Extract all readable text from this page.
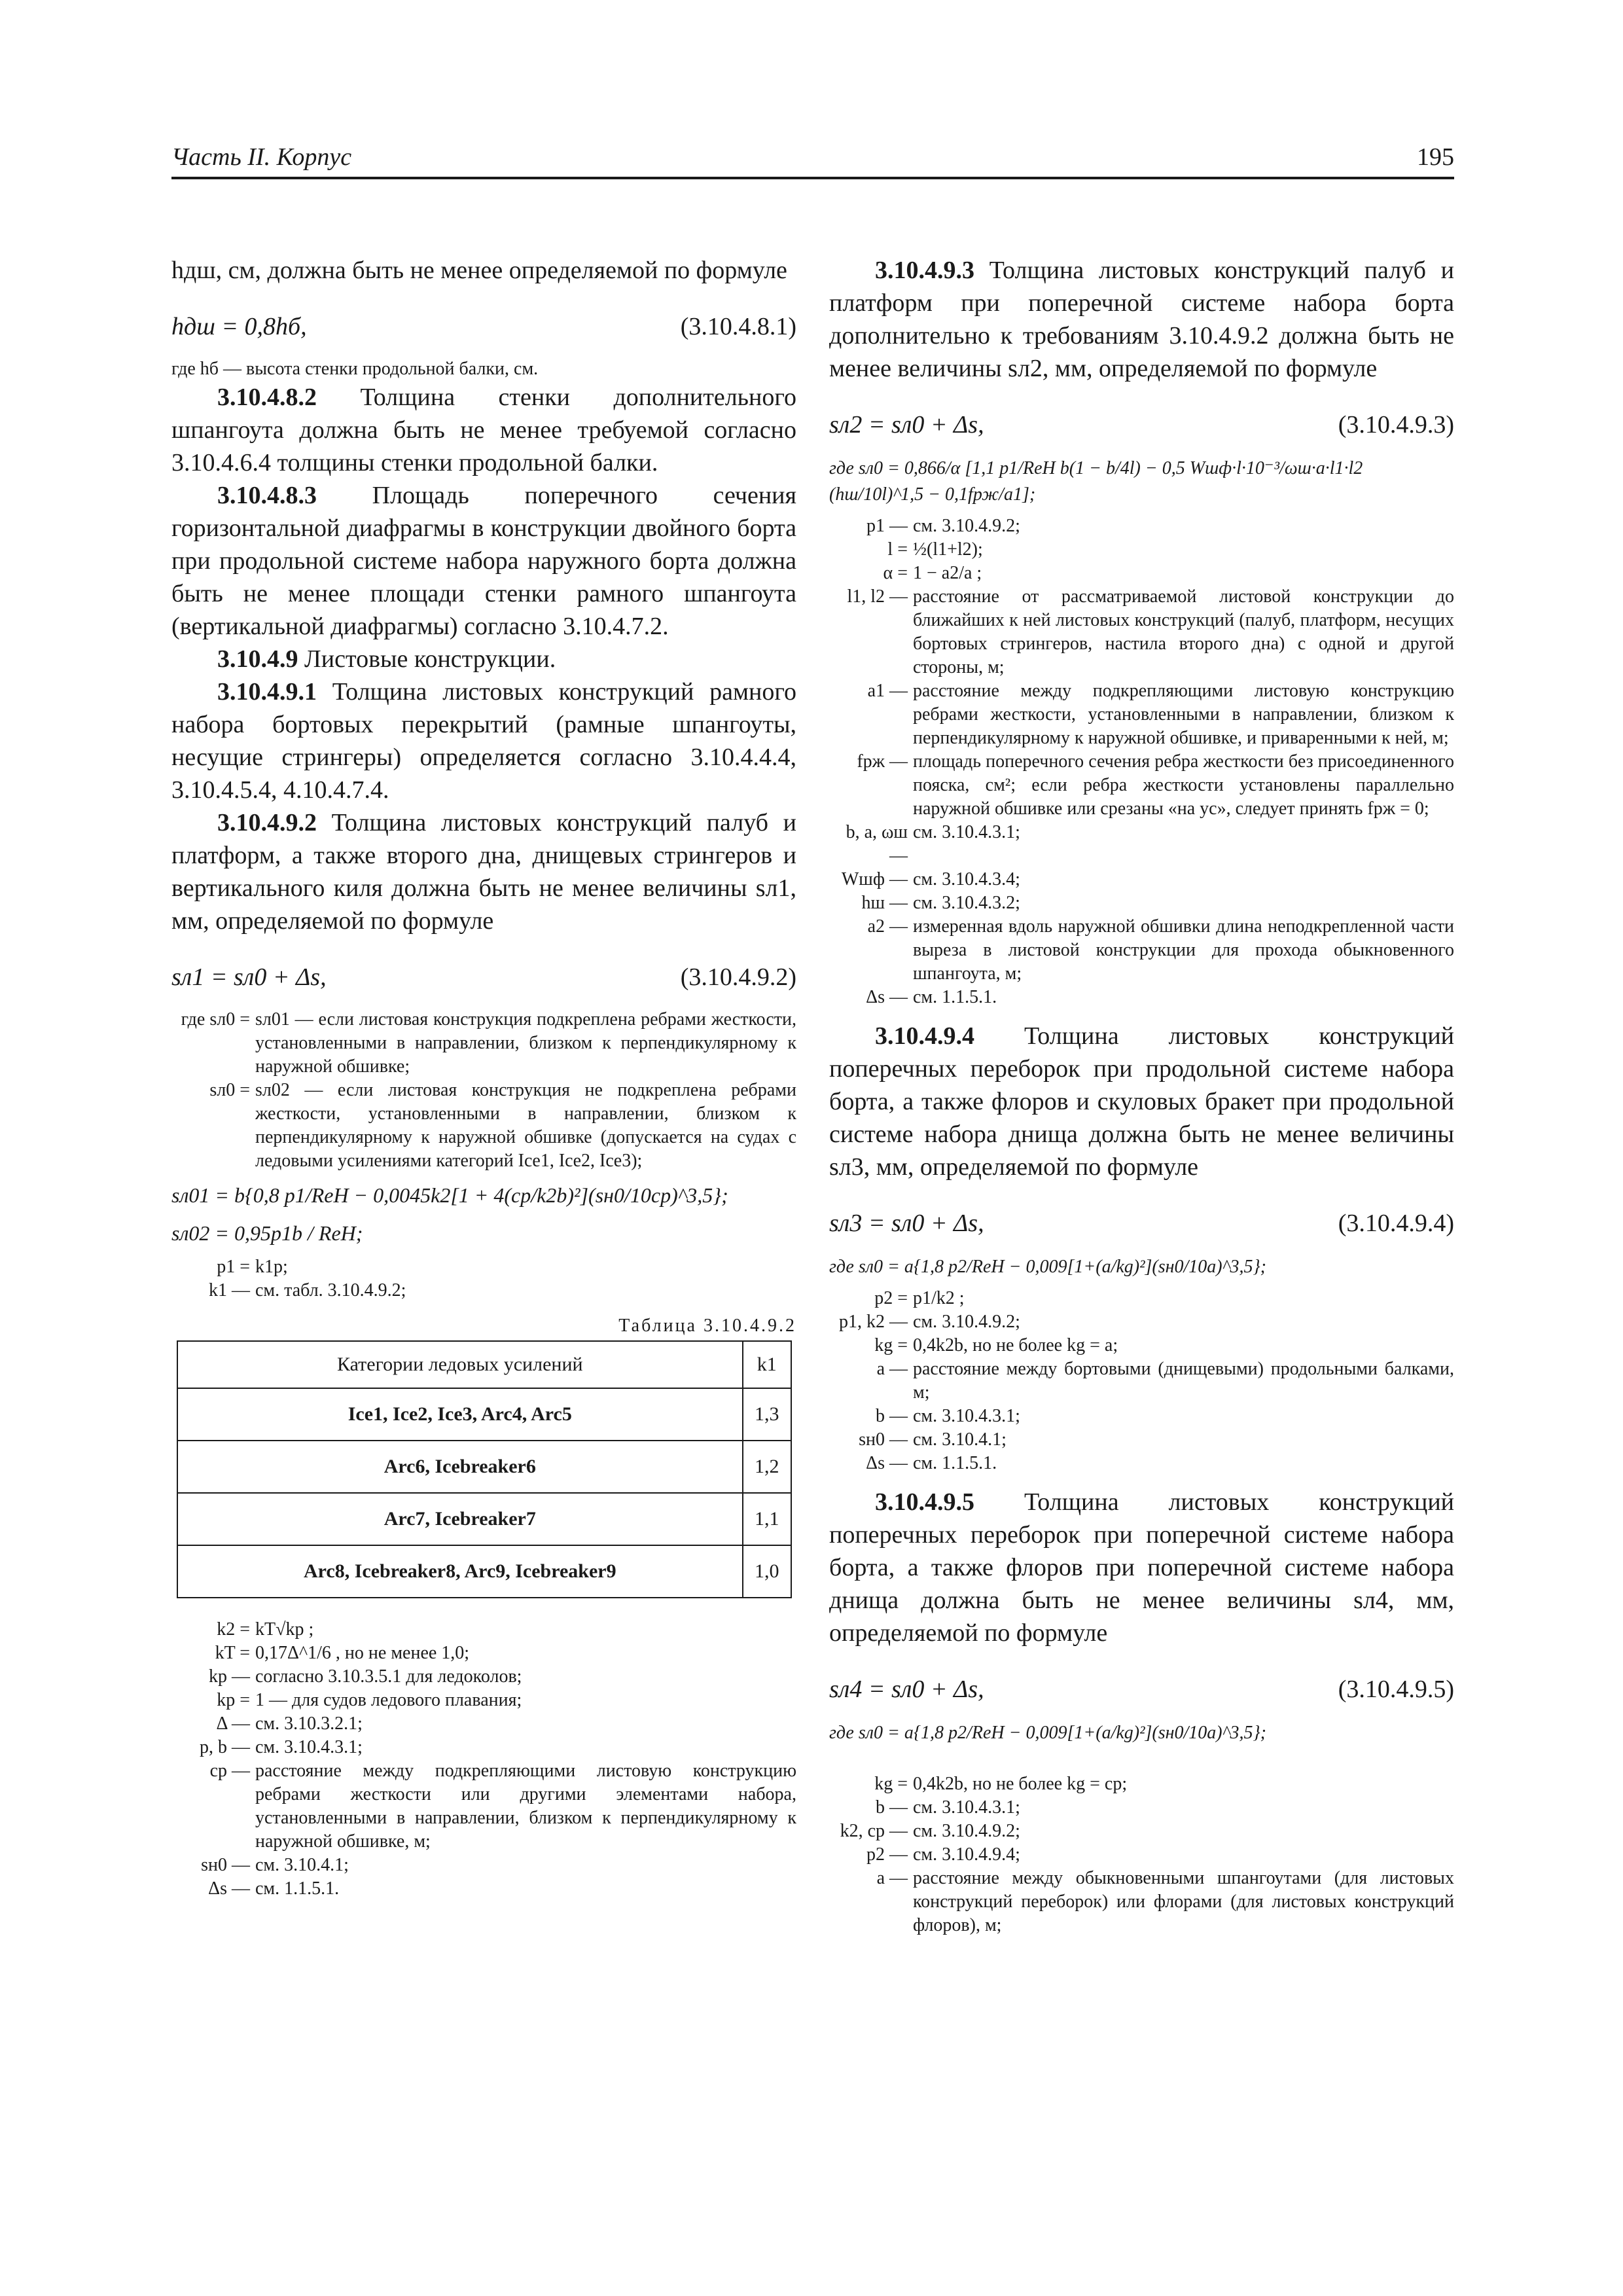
Часть II. Корпус	195

hдш, см, должна быть не менее определяемой по формуле

hдш = 0,8hб,	(3.10.4.8.1)

где hб — высота стенки продольной балки, см.

3.10.4.8.2 Толщина стенки дополнительного шпангоута должна быть не менее требуемой согласно 3.10.4.6.4 толщины стенки продольной балки.

3.10.4.8.3 Площадь поперечного сечения горизонтальной диафрагмы в конструкции двойного борта при продольной системе набора наружного борта должна быть не менее площади стенки рамного шпангоута (вертикальной диафрагмы) согласно 3.10.4.7.2.

3.10.4.9 Листовые конструкции.

3.10.4.9.1 Толщина листовых конструкций рамного набора бортовых перекрытий (рамные шпангоуты, несущие стрингеры) определяется согласно 3.10.4.4.4, 3.10.4.5.4, 4.10.4.7.4.

3.10.4.9.2 Толщина листовых конструкций палуб и платформ, а также второго дна, днищевых стрингеров и вертикального киля должна быть не менее величины sл1, мм, определяемой по формуле

sл1 = sл0 + Δs,	(3.10.4.9.2)
где sл0 = sл01 — если листовая конструкция подкреплена ребрами жесткости, установленными в направлении, близком к перпендикулярному к наружной обшивке;
sл0 = sл02 — если листовая конструкция не подкреплена ребрами жесткости, установленными в направлении, близком к перпендикулярному к наружной обшивке (допускается на судах с ледовыми усилениями категорий Ice1, Ice2, Ice3);
sл01 = b{0,8 p1/ReH − 0,0045k2[1 + 4(cp/k2b)²](sн0/10cp)^3,5};
sл02 = 0,95p1b / ReH;
p1 = k1p;
k1 — см. табл. 3.10.4.9.2;
Таблица 3.10.4.9.2
Категории ледовых усилений	k1
Ice1, Ice2, Ice3, Arc4, Arc5	1,3
Arc6, Icebreaker6	1,2
Arc7, Icebreaker7	1,1
Arc8, Icebreaker8, Arc9, Icebreaker9	1,0
k2 = kT√kp ;
kT = 0,17Δ^1/6 , но не менее 1,0;
kp — согласно 3.10.3.5.1 для ледоколов;
kp = 1 — для судов ледового плавания;
Δ — см. 3.10.3.2.1;
p, b — см. 3.10.4.3.1;
cp — расстояние между подкрепляющими листовую конструкцию ребрами жесткости или другими элементами набора, установленными в направлении, близком к перпендикулярному к наружной обшивке, м;
sн0 — см. 3.10.4.1;
Δs — см. 1.1.5.1.

3.10.4.9.3 Толщина листовых конструкций палуб и платформ при поперечной системе набора борта дополнительно к требованиям 3.10.4.9.2 должна быть не менее величины sл2, мм, определяемой по формуле

sл2 = sл0 + Δs,	(3.10.4.9.3)
где sл0 = 0,866/α [1,1 p1/ReH b(1 − b/4l) − 0,5 Wшф·l·10⁻³/ωш·a·l1·l2 (hш/10l)^1,5 − 0,1fрж/a1];
p1 — см. 3.10.4.9.2;
l = ½(l1+l2);
α = 1 − a2/a ;
l1, l2 — расстояние от рассматриваемой листовой конструкции до ближайших к ней листовых конструкций (палуб, платформ, несущих бортовых стрингеров, настила второго дна) с одной и другой стороны, м;
a1 — расстояние между подкрепляющими листовую конструкцию ребрами жесткости, установленными в направлении, близком к перпендикулярному к наружной обшивке, и приваренными к ней, м;
fрж — площадь поперечного сечения ребра жесткости без присоединенного пояска, см²; если ребра жесткости установлены параллельно наружной обшивке или срезаны «на ус», следует принять fрж = 0;
b, a, ωш —
см. 3.10.4.3.1;
Wшф — см. 3.10.4.3.4;
hш — см. 3.10.4.3.2;
a2 — измеренная вдоль наружной обшивки длина неподкрепленной части выреза в листовой конструкции для прохода обыкновенного шпангоута, м;
Δs — см. 1.1.5.1.

3.10.4.9.4 Толщина листовых конструкций поперечных переборок при продольной системе набора борта, а также флоров и скуловых бракет при продольной системе набора днища должна быть не менее величины sл3, мм, определяемой по формуле

sл3 = sл0 + Δs,	(3.10.4.9.4)
где sл0 = a{1,8 p2/ReH − 0,009[1+(a/kg)²](sн0/10a)^3,5};
p2 = p1/k2 ;
p1, k2 — см. 3.10.4.9.2;
kg = 0,4k2b, но не более kg = a;
a — расстояние между бортовыми (днищевыми) продольными балками, м;
b — см. 3.10.4.3.1;
sн0 — см. 3.10.4.1;
Δs — см. 1.1.5.1.

3.10.4.9.5 Толщина листовых конструкций поперечных переборок при поперечной системе набора борта, а также флоров при поперечной системе набора днища должна быть не менее величины sл4, мм, определяемой по формуле

sл4 = sл0 + Δs,	(3.10.4.9.5)
где sл0 = a{1,8 p2/ReH − 0,009[1+(a/kg)²](sн0/10a)^3,5};
kg = 0,4k2b, но не более kg = cp;
b — см. 3.10.4.3.1;
k2, cp — см. 3.10.4.9.2;
p2 — см. 3.10.4.9.4;
a — расстояние между обыкновенными шпангоутами (для листовых конструкций переборок) или флорами (для листовых конструкций флоров), м;
